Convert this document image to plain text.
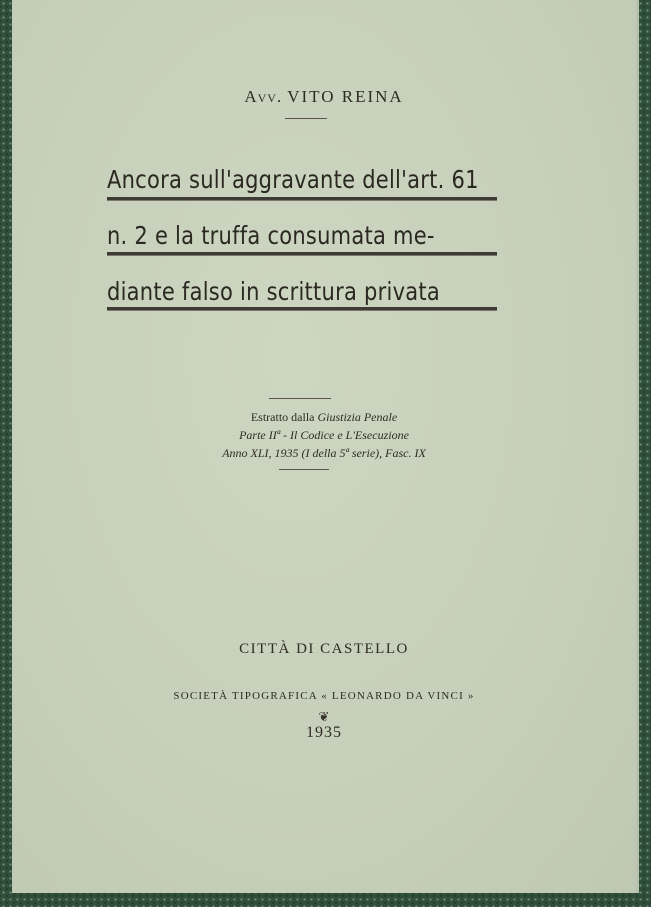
Avv. VITO REINA
Ancora sull'aggravante dell'art. 61
n. 2 e la truffa consumata me-
diante falso in scrittura privata
Estratto dalla Giustizia Penale
Parte IIª - Il Codice e L'Esecuzione
Anno XLI, 1935 (I della 5ª serie), Fasc. IX
CITTÀ DI CASTELLO
SOCIETÀ TIPOGRAFICA « LEONARDO DA VINCI »
❦
1935
